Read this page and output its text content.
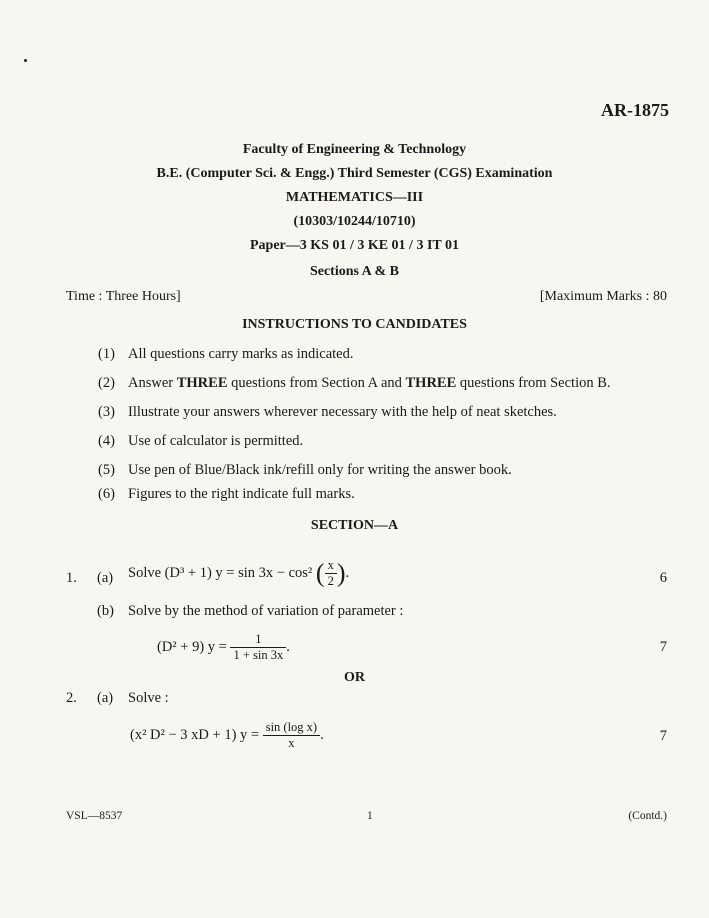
AR-1875
Faculty of Engineering & Technology
B.E. (Computer Sci. & Engg.) Third Semester (CGS) Examination
MATHEMATICS—III
(10303/10244/10710)
Paper—3 KS 01 / 3 KE 01 / 3 IT 01
Sections A & B
Time : Three Hours]	[Maximum Marks : 80
INSTRUCTIONS TO CANDIDATES
(1) All questions carry marks as indicated.
(2) Answer THREE questions from Section A and THREE questions from Section B.
(3) Illustrate your answers wherever necessary with the help of neat sketches.
(4) Use of calculator is permitted.
(5) Use pen of Blue/Black ink/refill only for writing the answer book.
(6) Figures to the right indicate full marks.
SECTION—A
1. (a) Solve (D³ + 1) y = sin 3x − cos² ( $\frac{x}{2}$ ).	6
(b) Solve by the method of variation of parameter :
(D² + 9) $y = \frac{1}{1 + \sin 3x}$ .	7
OR
2. (a) Solve :
(x² D² − 3 xD + 1) $y = \frac{\text{sin (log x)}}{x}$ .	7
VSL—8537	1	(Contd.)
